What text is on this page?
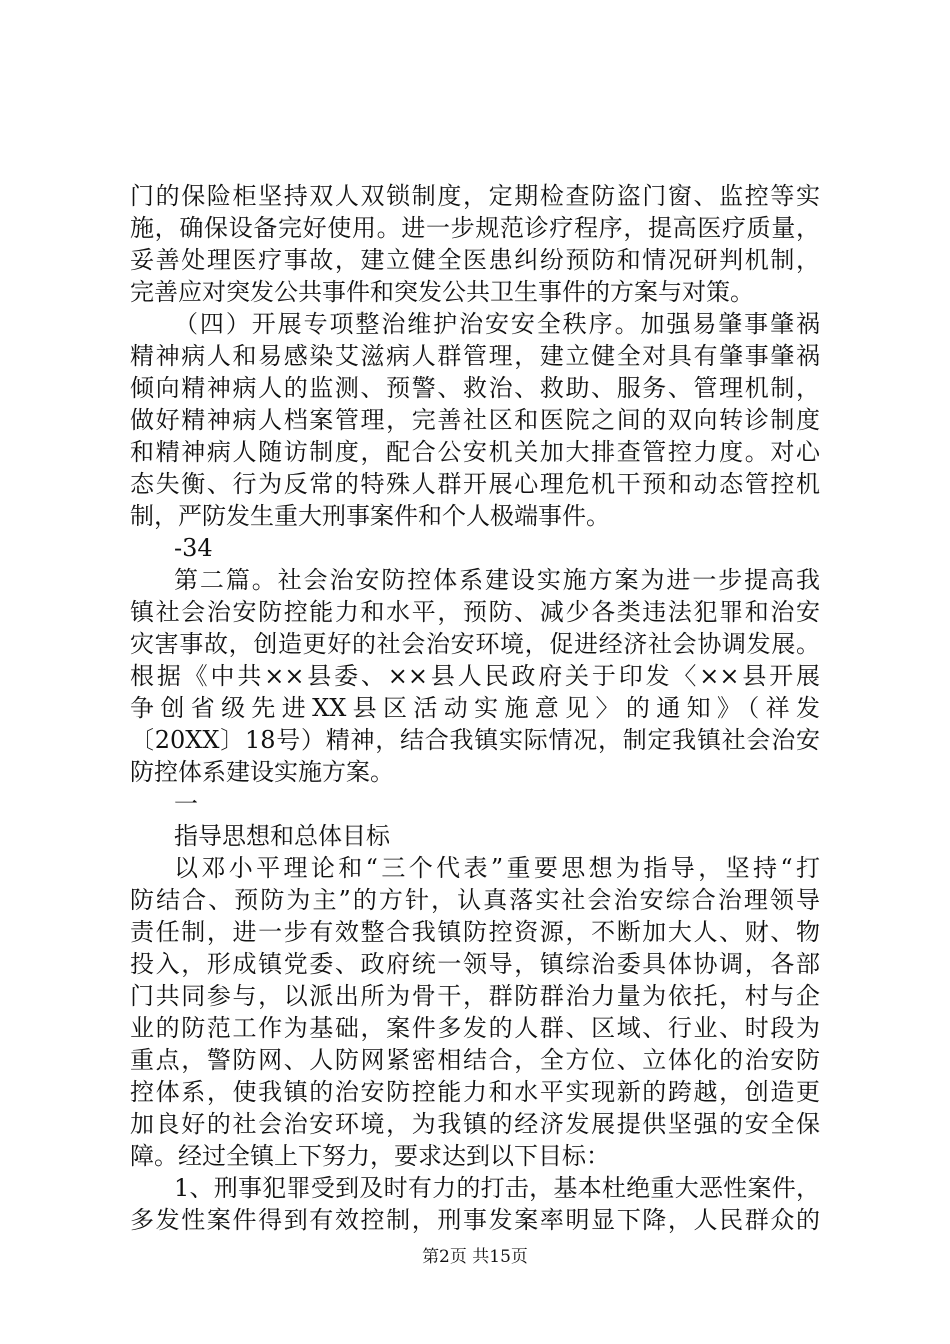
门的保险柜坚持双人双锁制度，定期检查防盗门窗、监控等实
施，确保设备完好使用。进一步规范诊疗程序，提高医疗质量，
妥善处理医疗事故，建立健全医患纠纷预防和情况研判机制，
完善应对突发公共事件和突发公共卫生事件的方案与对策。
（四）开展专项整治维护治安安全秩序。加强易肇事肇祸
精神病人和易感染艾滋病人群管理，建立健全对具有肇事肇祸
倾向精神病人的监测、预警、救治、救助、服务、管理机制，
做好精神病人档案管理，完善社区和医院之间的双向转诊制度
和精神病人随访制度，配合公安机关加大排查管控力度。对心
态失衡、行为反常的特殊人群开展心理危机干预和动态管控机
制，严防发生重大刑事案件和个人极端事件。
-34
第二篇。社会治安防控体系建设实施方案为进一步提高我
镇社会治安防控能力和水平，预防、减少各类违法犯罪和治安
灾害事故，创造更好的社会治安环境，促进经济社会协调发展。
根据《中共××县委、××县人民政府关于印发〈××县开展
争创省级先进XX县区活动实施意见〉的通知》（祥发
〔20XX〕18号）精神，结合我镇实际情况，制定我镇社会治安
防控体系建设实施方案。
一
指导思想和总体目标
以邓小平理论和“三个代表”重要思想为指导，坚持“打
防结合、预防为主”的方针，认真落实社会治安综合治理领导
责任制，进一步有效整合我镇防控资源，不断加大人、财、物
投入，形成镇党委、政府统一领导，镇综治委具体协调，各部
门共同参与，以派出所为骨干，群防群治力量为依托，村与企
业的防范工作为基础，案件多发的人群、区域、行业、时段为
重点，警防网、人防网紧密相结合，全方位、立体化的治安防
控体系，使我镇的治安防控能力和水平实现新的跨越，创造更
加良好的社会治安环境，为我镇的经济发展提供坚强的安全保
障。经过全镇上下努力，要求达到以下目标：
1、刑事犯罪受到及时有力的打击，基本杜绝重大恶性案件，
多发性案件得到有效控制，刑事发案率明显下降，人民群众的
第2页 共15页
